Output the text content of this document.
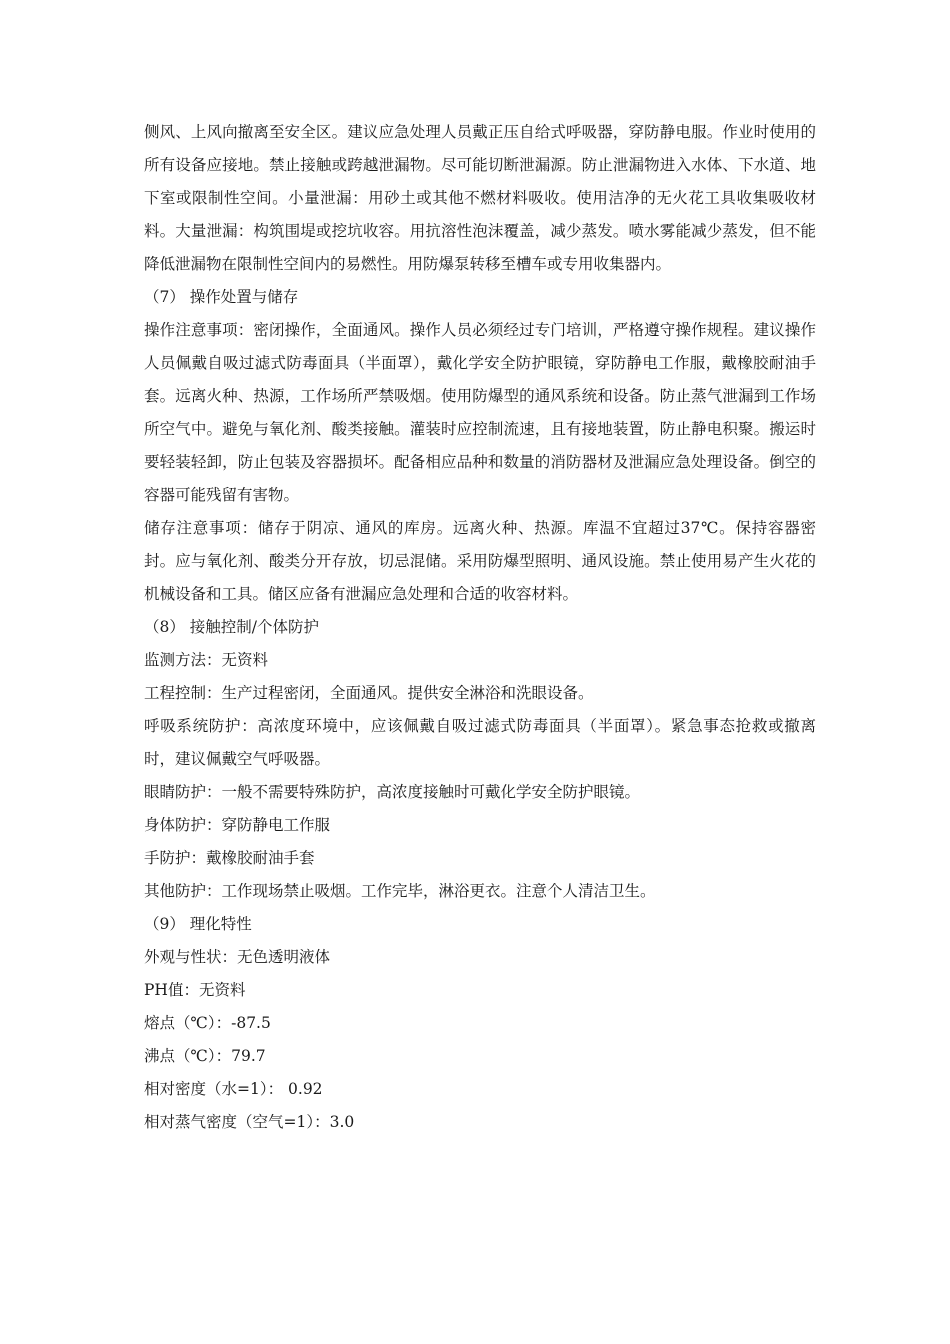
侧风、上风向撤离至安全区。建议应急处理人员戴正压自给式呼吸器，穿防静电服。作业时使用的所有设备应接地。禁止接触或跨越泄漏物。尽可能切断泄漏源。防止泄漏物进入水体、下水道、地下室或限制性空间。小量泄漏：用砂土或其他不燃材料吸收。使用洁净的无火花工具收集吸收材料。大量泄漏：构筑围堤或挖坑收容。用抗溶性泡沫覆盖，减少蒸发。喷水雾能减少蒸发，但不能降低泄漏物在限制性空间内的易燃性。用防爆泵转移至槽车或专用收集器内。

（7） 操作处置与储存

操作注意事项：密闭操作，全面通风。操作人员必须经过专门培训，严格遵守操作规程。建议操作人员佩戴自吸过滤式防毒面具（半面罩），戴化学安全防护眼镜，穿防静电工作服，戴橡胶耐油手套。远离火种、热源，工作场所严禁吸烟。使用防爆型的通风系统和设备。防止蒸气泄漏到工作场所空气中。避免与氧化剂、酸类接触。灌装时应控制流速，且有接地装置，防止静电积聚。搬运时要轻装轻卸，防止包装及容器损坏。配备相应品种和数量的消防器材及泄漏应急处理设备。倒空的容器可能残留有害物。

储存注意事项：储存于阴凉、通风的库房。远离火种、热源。库温不宜超过37℃。保持容器密封。应与氧化剂、酸类分开存放，切忌混储。采用防爆型照明、通风设施。禁止使用易产生火花的机械设备和工具。储区应备有泄漏应急处理和合适的收容材料。

（8） 接触控制/个体防护

监测方法：无资料

工程控制：生产过程密闭，全面通风。提供安全淋浴和洗眼设备。

呼吸系统防护：高浓度环境中，应该佩戴自吸过滤式防毒面具（半面罩）。紧急事态抢救或撤离时，建议佩戴空气呼吸器。

眼睛防护：一般不需要特殊防护，高浓度接触时可戴化学安全防护眼镜。

身体防护：穿防静电工作服

手防护：戴橡胶耐油手套

其他防护：工作现场禁止吸烟。工作完毕，淋浴更衣。注意个人清洁卫生。

（9） 理化特性

外观与性状：无色透明液体

PH值：无资料

熔点（℃）：-87.5

沸点（℃）：79.7

相对密度（水=1）： 0.92

相对蒸气密度（空气=1）：3.0
